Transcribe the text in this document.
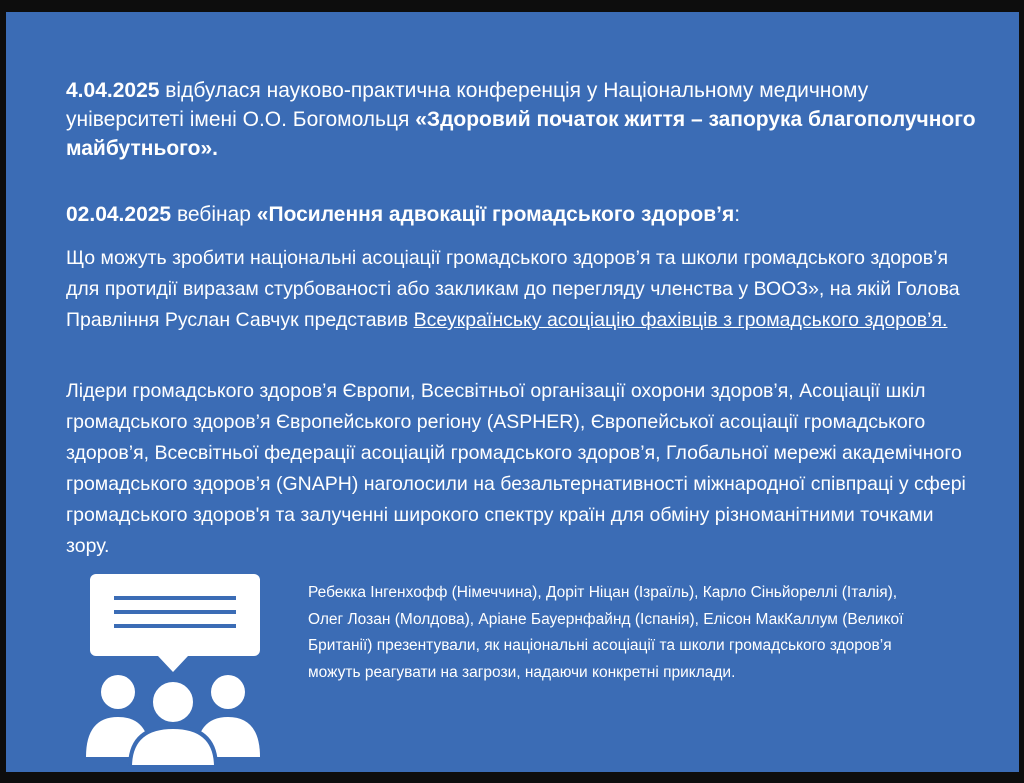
4.04.2025 відбулася науково-практична конференція у Національному медичному університеті імені О.О. Богомольця «Здоровий початок життя – запорука благополучного майбутнього».

02.04.2025 вебінар «Посилення адвокації громадського здоров’я:

Що можуть зробити національні асоціації громадського здоров’я та школи громадського здоров’я для протидії виразам стурбованості або закликам до перегляду членства у ВООЗ», на якій Голова Правління Руслан Савчук представив Всеукраїнську асоціацію фахівців з громадського здоров’я.

Лідери громадського здоров’я Європи, Всесвітньої організації охорони здоров’я, Асоціації шкіл громадського здоров’я Європейського регіону (ASPHER), Європейської асоціації громадського здоров’я, Всесвітньої федерації асоціацій громадського здоров’я, Глобальної мережі академічного громадського здоров’я (GNAPH) наголосили на безальтернативності міжнародної співпраці у сфері громадського здоров'я та залученні широкого спектру країн для обміну різноманітними точками зору.

Ребекка Інгенхофф (Німеччина), Доріт Ніцан (Ізраїль), Карло Сіньйореллі (Італія), Олег Лозан (Молдова), Аріане Бауернфайнд (Іспанія), Елісон МакКаллум (Великої Британії) презентували, як національні асоціації та школи громадського здоров’я можуть реагувати на загрози, надаючи конкретні приклади.
